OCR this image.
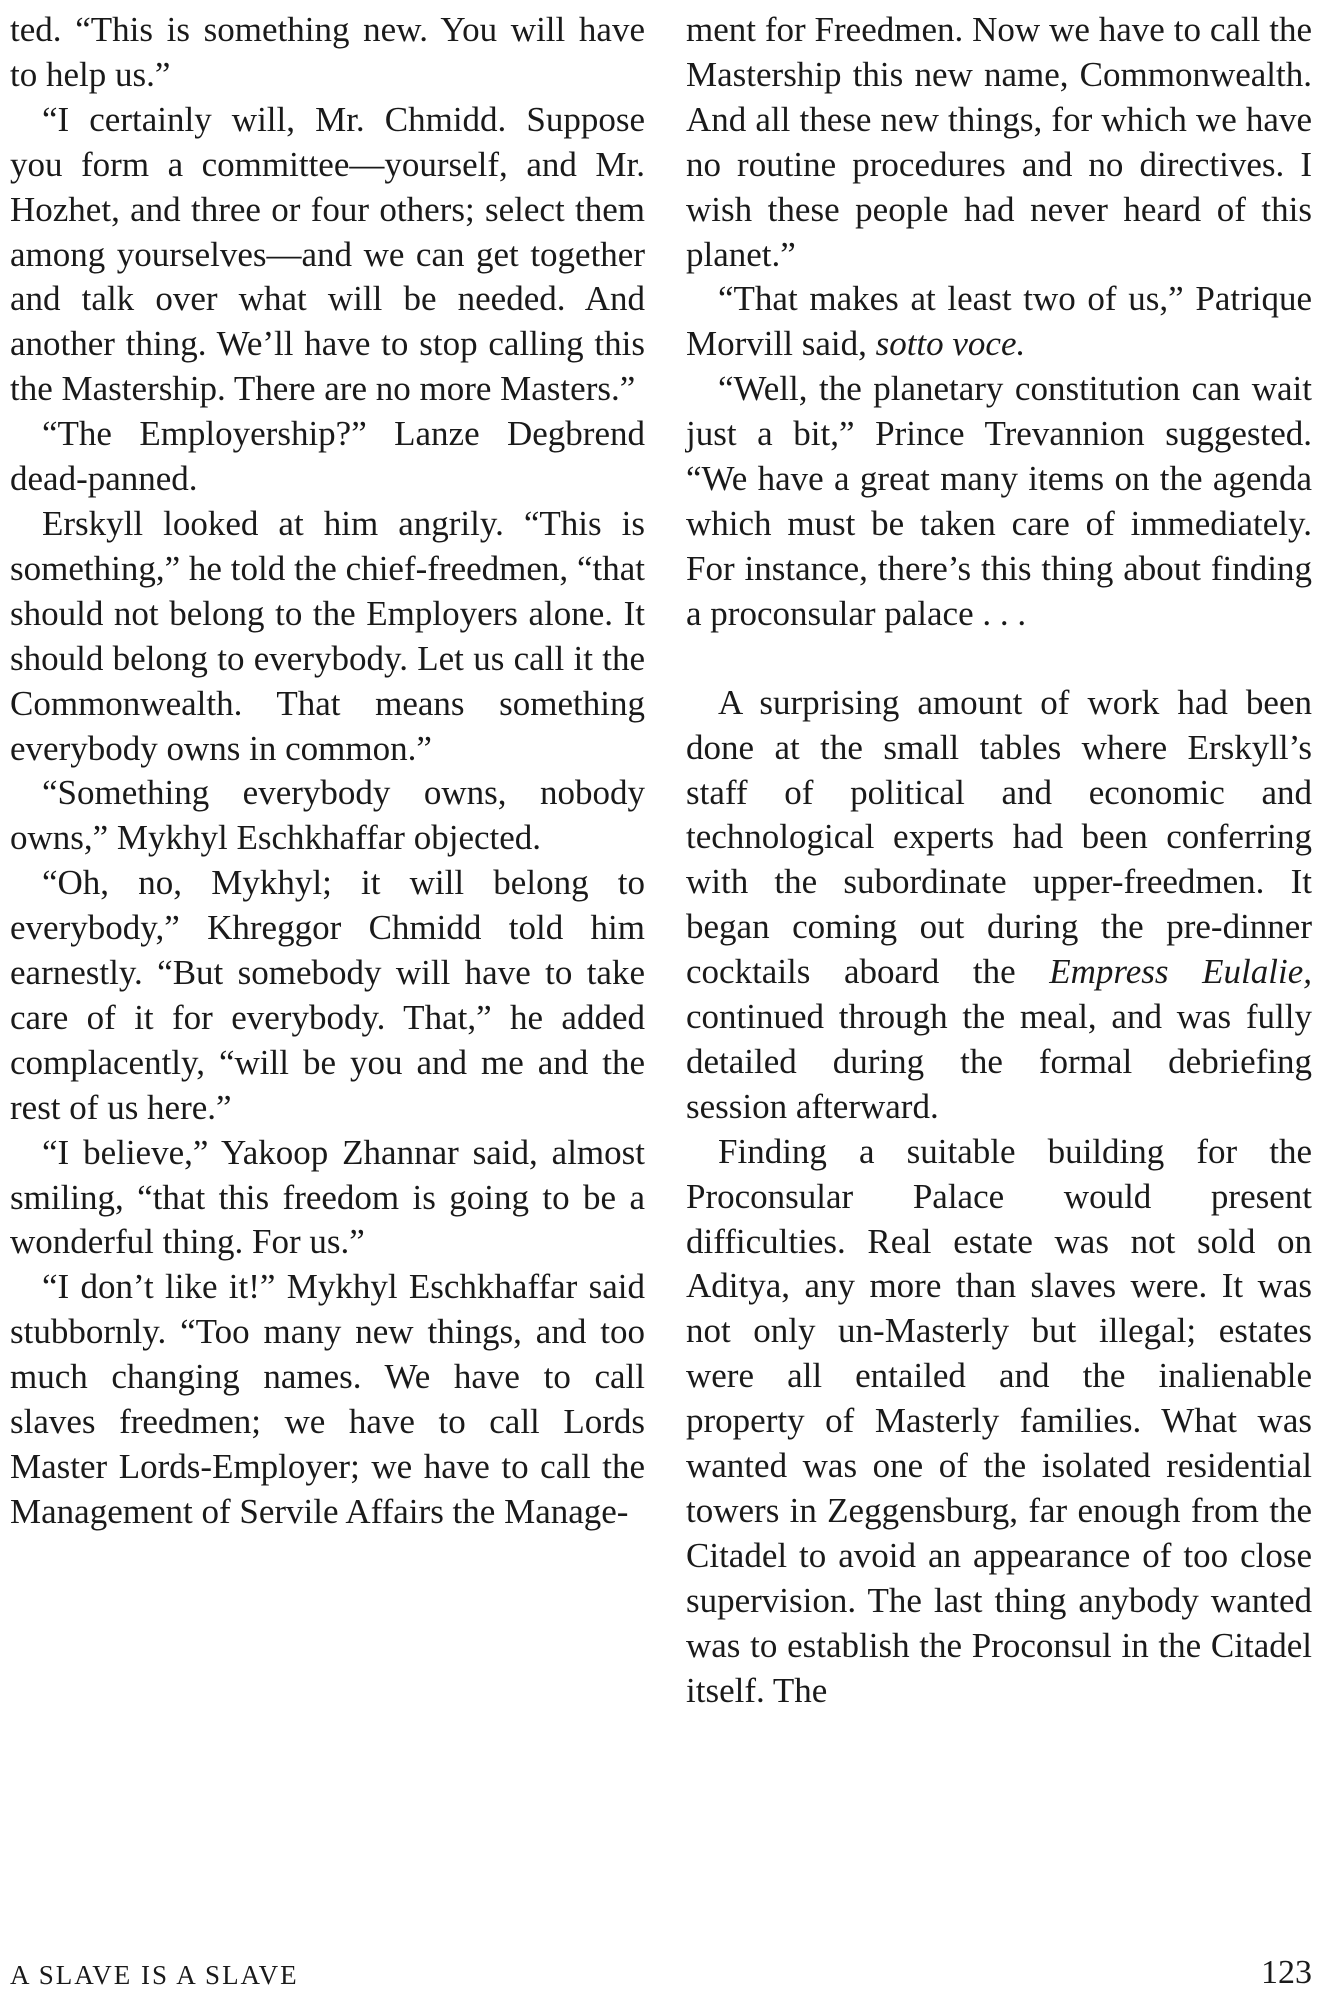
ted. “This is something new. You will have to help us.”

“I certainly will, Mr. Chmidd. Suppose you form a committee—yourself, and Mr. Hozhet, and three or four others; select them among yourselves—and we can get together and talk over what will be needed. And another thing. We’ll have to stop calling this the Mastership. There are no more Masters.”

“The Employership?” Lanze Degbrend dead-panned.

Erskyll looked at him angrily. “This is something,” he told the chief-freedmen, “that should not belong to the Employers alone. It should belong to everybody. Let us call it the Commonwealth. That means something everybody owns in common.”

“Something everybody owns, nobody owns,” Mykhyl Eschkhaffar objected.

“Oh, no, Mykhyl; it will belong to everybody,” Khreggor Chmidd told him earnestly. “But somebody will have to take care of it for everybody. That,” he added complacently, “will be you and me and the rest of us here.”

“I believe,” Yakoop Zhannar said, almost smiling, “that this freedom is going to be a wonderful thing. For us.”

“I don’t like it!” Mykhyl Eschkhaffar said stubbornly. “Too many new things, and too much changing names. We have to call slaves freedmen; we have to call Lords Master Lords-Employer; we have to call the Management of Servile Affairs the Manage-

ment for Freedmen. Now we have to call the Mastership this new name, Commonwealth. And all these new things, for which we have no routine procedures and no directives. I wish these people had never heard of this planet.”

“That makes at least two of us,” Patrique Morvill said, sotto voce.

“Well, the planetary constitution can wait just a bit,” Prince Trevannion suggested. “We have a great many items on the agenda which must be taken care of immediately. For instance, there’s this thing about finding a proconsular palace . . .

A surprising amount of work had been done at the small tables where Erskyll’s staff of political and economic and technological experts had been conferring with the subordinate upper-freedmen. It began coming out during the pre-dinner cocktails aboard the Empress Eulalie, continued through the meal, and was fully detailed during the formal debriefing session afterward.

Finding a suitable building for the Proconsular Palace would present difficulties. Real estate was not sold on Aditya, any more than slaves were. It was not only un-Masterly but illegal; estates were all entailed and the inalienable property of Masterly families. What was wanted was one of the isolated residential towers in Zeggensburg, far enough from the Citadel to avoid an appearance of too close supervision. The last thing anybody wanted was to establish the Proconsul in the Citadel itself. The

A SLAVE IS A SLAVE	123
